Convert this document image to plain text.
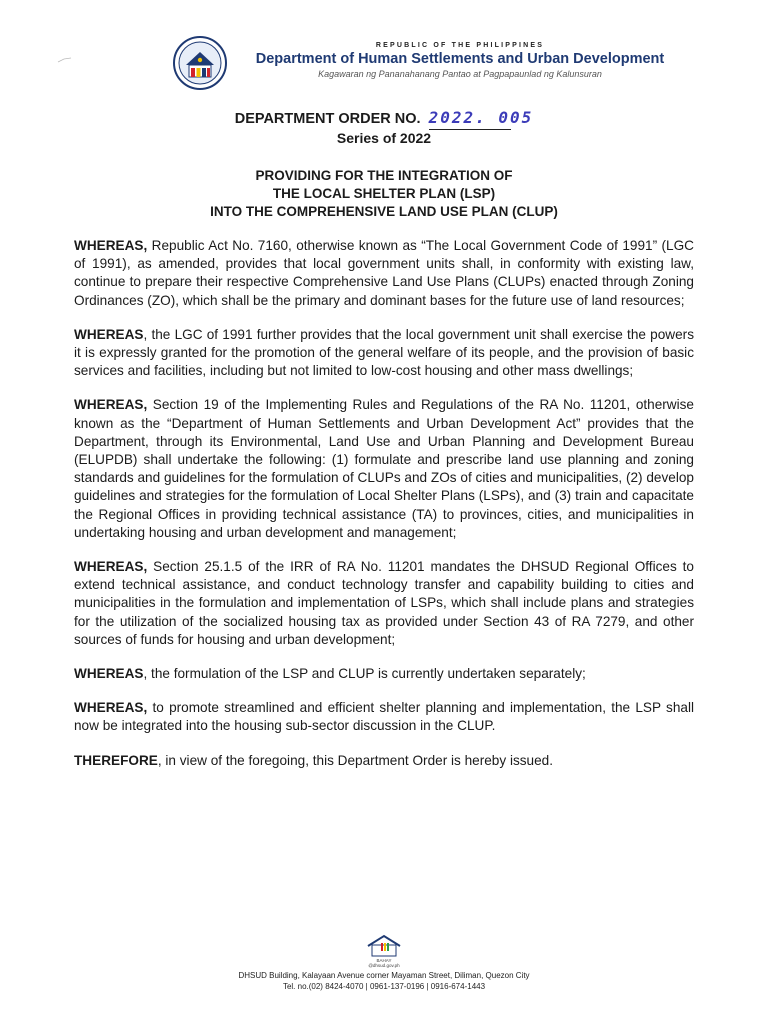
REPUBLIC OF THE PHILIPPINES
Department of Human Settlements and Urban Development
Kagawaran ng Pananahanang Pantao at Pagpapaunlad ng Kalunsuran
DEPARTMENT ORDER NO. 2022. 005
Series of 2022
PROVIDING FOR THE INTEGRATION OF
THE LOCAL SHELTER PLAN (LSP)
INTO THE COMPREHENSIVE LAND USE PLAN (CLUP)

WHEREAS, Republic Act No. 7160, otherwise known as “The Local Government Code of 1991” (LGC of 1991), as amended, provides that local government units shall, in conformity with existing law, continue to prepare their respective Comprehensive Land Use Plans (CLUPs) enacted through Zoning Ordinances (ZO), which shall be the primary and dominant bases for the future use of land resources;

WHEREAS, the LGC of 1991 further provides that the local government unit shall exercise the powers it is expressly granted for the promotion of the general welfare of its people, and the provision of basic services and facilities, including but not limited to low-cost housing and other mass dwellings;

WHEREAS, Section 19 of the Implementing Rules and Regulations of the RA No. 11201, otherwise known as the “Department of Human Settlements and Urban Development Act” provides that the Department, through its Environmental, Land Use and Urban Planning and Development Bureau (ELUPDB) shall undertake the following: (1) formulate and prescribe land use planning and zoning standards and guidelines for the formulation of CLUPs and ZOs of cities and municipalities, (2) develop guidelines and strategies for the formulation of Local Shelter Plans (LSPs), and (3) train and capacitate the Regional Offices in providing technical assistance (TA) to provinces, cities, and municipalities in undertaking housing and urban development and management;

WHEREAS, Section 25.1.5 of the IRR of RA No. 11201 mandates the DHSUD Regional Offices to extend technical assistance, and conduct technology transfer and capability building to cities and municipalities in the formulation and implementation of LSPs, which shall include plans and strategies for the utilization of the socialized housing tax as provided under Section 43 of RA 7279, and other sources of funds for housing and urban development;

WHEREAS, the formulation of the LSP and CLUP is currently undertaken separately;

WHEREAS, to promote streamlined and efficient shelter planning and implementation, the LSP shall now be integrated into the housing sub-sector discussion in the CLUP.

THEREFORE, in view of the foregoing, this Department Order is hereby issued.

BAHAY
@dhsud.gov.ph
DHSUD Building, Kalayaan Avenue corner Mayaman Street, Diliman, Quezon City
Tel. no.(02) 8424-4070 | 0961-137-0196 | 0916-674-1443
